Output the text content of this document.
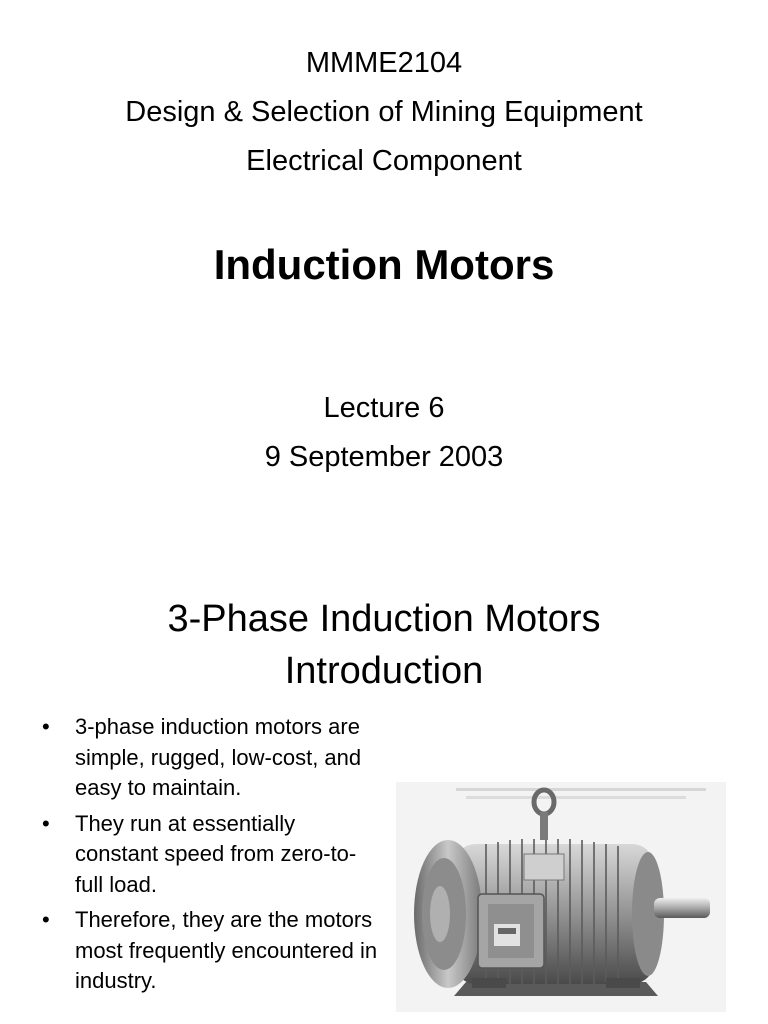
MMME2104
Design & Selection of Mining Equipment
Electrical Component
Induction Motors
Lecture 6
9 September 2003
3-Phase Induction Motors
Introduction
• 3-phase induction motors are simple, rugged, low-cost, and easy to maintain.
• They run at essentially constant speed from zero-to-full load.
• Therefore, they are the motors most frequently encountered in industry.
